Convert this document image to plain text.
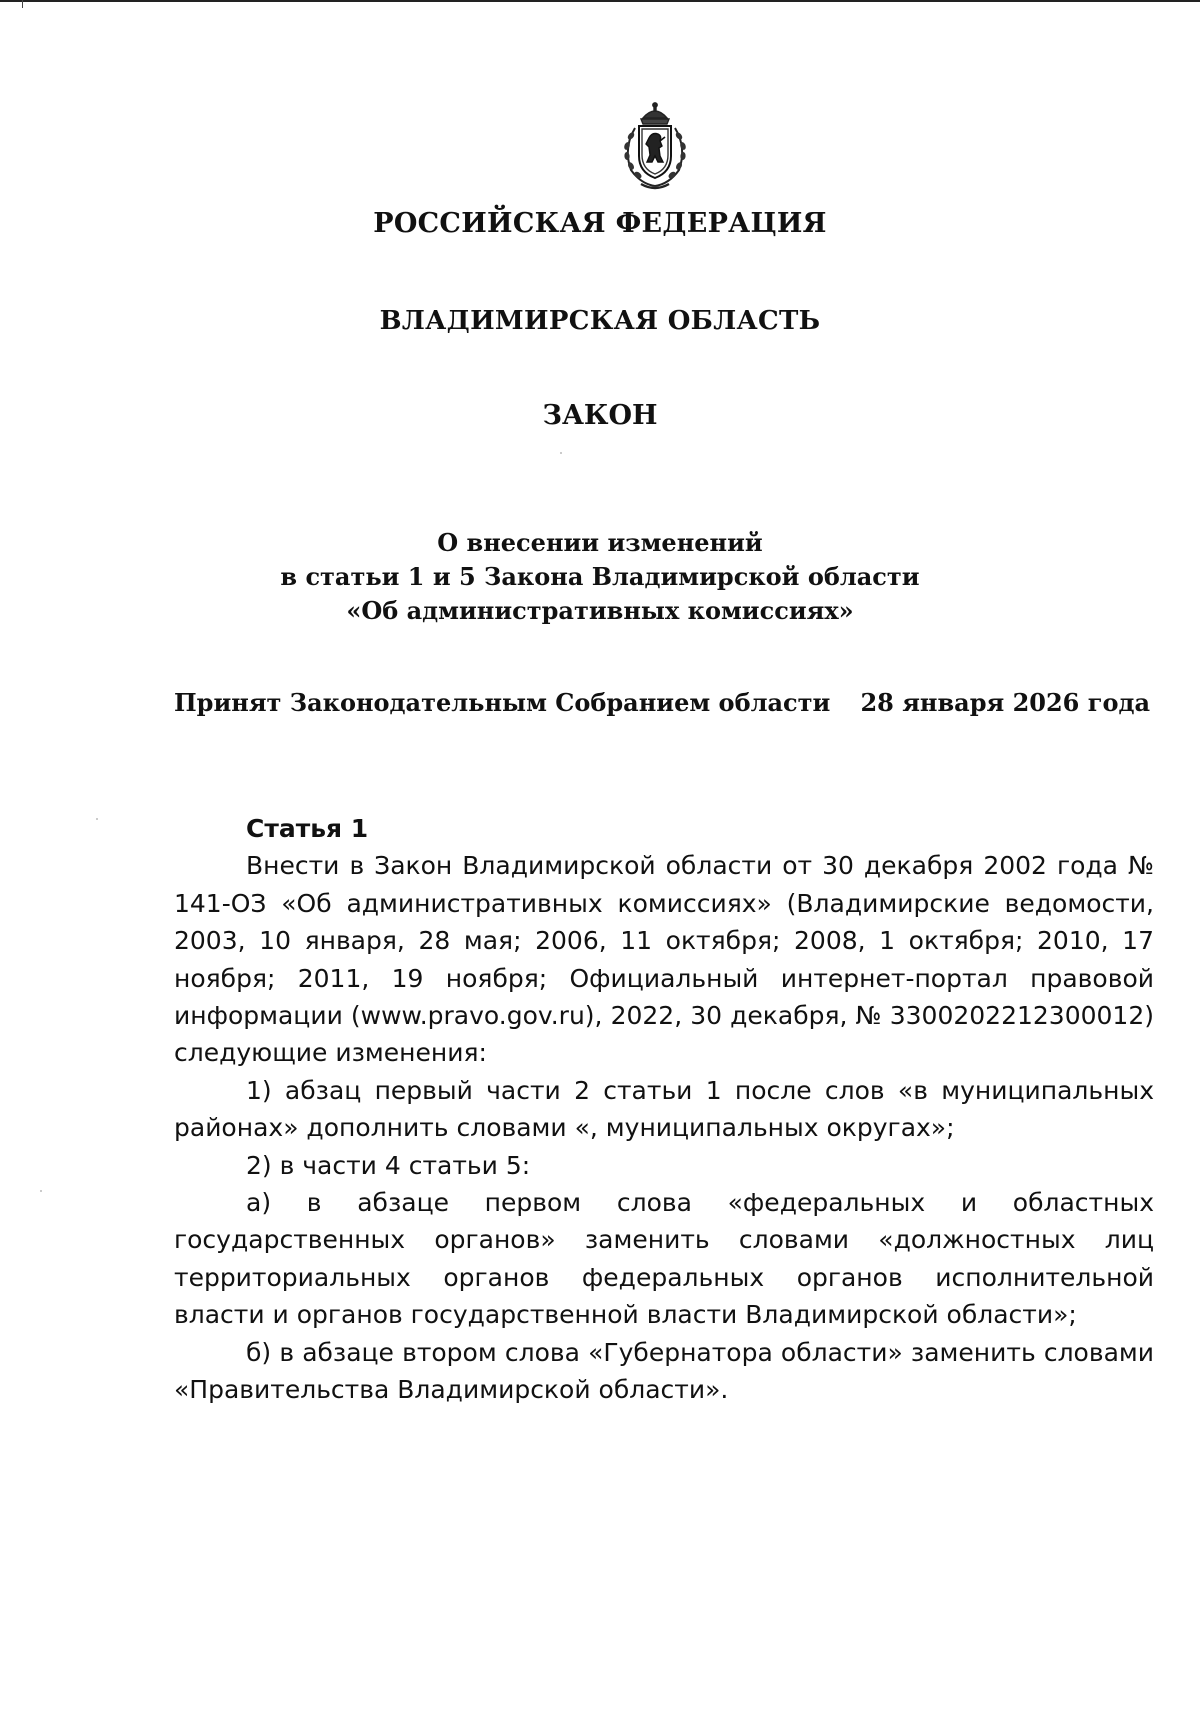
РОССИЙСКАЯ ФЕДЕРАЦИЯ
ВЛАДИМИРСКАЯ ОБЛАСТЬ
ЗАКОН
О внесении изменений
в статьи 1 и 5 Закона Владимирской области
«Об административных комиссиях»
Принят Законодательным Собранием области 28 января 2026 года
Статья 1

Внести в Закон Владимирской области от 30 декабря 2002 года № 141-ОЗ «Об административных комиссиях» (Владимирские ведомости, 2003, 10 января, 28 мая; 2006, 11 октября; 2008, 1 октября; 2010, 17 ноября; 2011, 19 ноября; Официальный интернет-портал правовой информации (www.pravo.gov.ru), 2022, 30 декабря, № 3300202212300012) следующие изменения:

1) абзац первый части 2 статьи 1 после слов «в муниципальных районах» дополнить словами «, муниципальных округах»;

2) в части 4 статьи 5:

а) в абзаце первом слова «федеральных и областных государственных органов» заменить словами «должностных лиц территориальных органов федеральных органов исполнительной власти и органов государственной власти Владимирской области»;

б) в абзаце втором слова «Губернатора области» заменить словами «Правительства Владимирской области».
